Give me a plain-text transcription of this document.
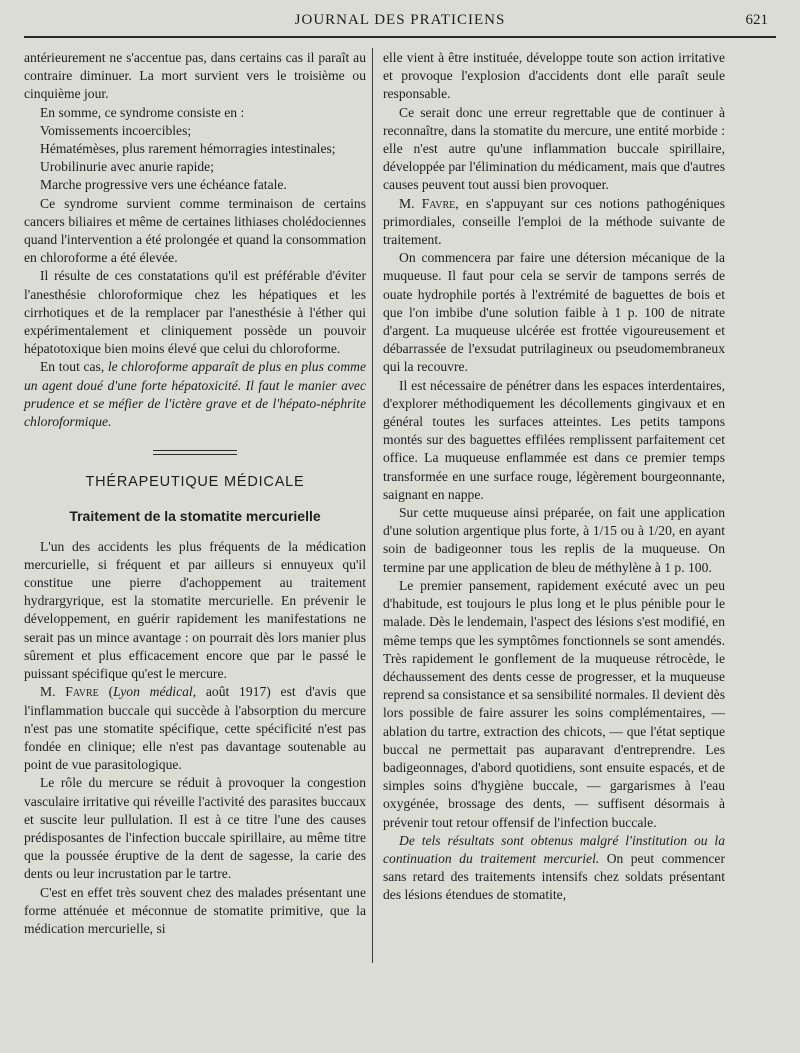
JOURNAL DES PRATICIENS	621

antérieurement ne s'accentue pas, dans certains cas il paraît au contraire diminuer. La mort survient vers le troisième ou cinquième jour.

En somme, ce syndrome consiste en :

Vomissements incoercibles;

Hématémèses, plus rarement hémorragies intestinales;

Urobilinurie avec anurie rapide;

Marche progressive vers une échéance fatale.

Ce syndrome survient comme terminaison de certains cancers biliaires et même de certaines lithiases cholédociennes quand l'intervention a été prolongée et quand la consommation en chloroforme a été élevée.

Il résulte de ces constatations qu'il est préférable d'éviter l'anesthésie chloroformique chez les hépatiques et les cirrhotiques et de la remplacer par l'anesthésie à l'éther qui expérimentalement et cliniquement possède un pouvoir hépatotoxique bien moins élevé que celui du chloroforme.

En tout cas, le chloroforme apparaît de plus en plus comme un agent doué d'une forte hépatoxicité. Il faut le manier avec prudence et se méfier de l'ictère grave et de l'hépato-néphrite chloroformique.

THÉRAPEUTIQUE MÉDICALE
Traitement de la stomatite mercurielle

L'un des accidents les plus fréquents de la médication mercurielle, si fréquent et par ailleurs si ennuyeux qu'il constitue une pierre d'achoppement au traitement hydrargyrique, est la stomatite mercurielle. En prévenir le développement, en guérir rapidement les manifestations ne serait pas un mince avantage : on pourrait dès lors manier plus sûrement et plus efficacement encore que par le passé le puissant spécifique qu'est le mercure.

M. Favre (Lyon médical, août 1917) est d'avis que l'inflammation buccale qui succède à l'absorption du mercure n'est pas une stomatite spécifique, cette spécificité n'est pas fondée en clinique; elle n'est pas davantage soutenable au point de vue parasitologique.

Le rôle du mercure se réduit à provoquer la congestion vasculaire irritative qui réveille l'activité des parasites buccaux et suscite leur pullulation. Il est à ce titre l'une des causes prédisposantes de l'infection buccale spirillaire, au même titre que la poussée éruptive de la dent de sagesse, la carie des dents ou leur incrustation par le tartre.

C'est en effet très souvent chez des malades présentant une forme atténuée et méconnue de stomatite primitive, que la médication mercurielle, si

elle vient à être instituée, développe toute son action irritative et provoque l'explosion d'accidents dont elle paraît seule responsable.

Ce serait donc une erreur regrettable que de continuer à reconnaître, dans la stomatite du mercure, une entité morbide : elle n'est autre qu'une inflammation buccale spirillaire, développée par l'élimination du médicament, mais que d'autres causes peuvent tout aussi bien provoquer.

M. Favre, en s'appuyant sur ces notions pathogéniques primordiales, conseille l'emploi de la méthode suivante de traitement.

On commencera par faire une détersion mécanique de la muqueuse. Il faut pour cela se servir de tampons serrés de ouate hydrophile portés à l'extrémité de baguettes de bois et que l'on imbibe d'une solution faible à 1 p. 100 de nitrate d'argent. La muqueuse ulcérée est frottée vigoureusement et débarrassée de l'exsudat putrilagineux ou pseudomembraneux qui la recouvre.

Il est nécessaire de pénétrer dans les espaces interdentaires, d'explorer méthodiquement les décollements gingivaux et en général toutes les surfaces atteintes. Les petits tampons montés sur des baguettes effilées remplissent parfaitement cet office. La muqueuse enflammée est dans ce premier temps transformée en une surface rouge, légèrement bourgeonnante, saignant en nappe.

Sur cette muqueuse ainsi préparée, on fait une application d'une solution argentique plus forte, à 1/15 ou à 1/20, en ayant soin de badigeonner tous les replis de la muqueuse. On termine par une application de bleu de méthylène à 1 p. 100.

Le premier pansement, rapidement exécuté avec un peu d'habitude, est toujours le plus long et le plus pénible pour le malade. Dès le lendemain, l'aspect des lésions s'est modifié, en même temps que les symptômes fonctionnels se sont amendés. Très rapidement le gonflement de la muqueuse rétrocède, le déchaussement des dents cesse de progresser, et la muqueuse reprend sa consistance et sa sensibilité normales. Il devient dès lors possible de faire assurer les soins complémentaires, — ablation du tartre, extraction des chicots, — que l'état septique buccal ne permettait pas auparavant d'entreprendre. Les badigeonnages, d'abord quotidiens, sont ensuite espacés, et de simples soins d'hygiène buccale, — gargarismes à l'eau oxygénée, brossage des dents, — suffisent désormais à prévenir tout retour offensif de l'infection buccale.

De tels résultats sont obtenus malgré l'institution ou la continuation du traitement mercuriel. On peut commencer sans retard des traitements intensifs chez soldats présentant des lésions étendues de stomatite,
